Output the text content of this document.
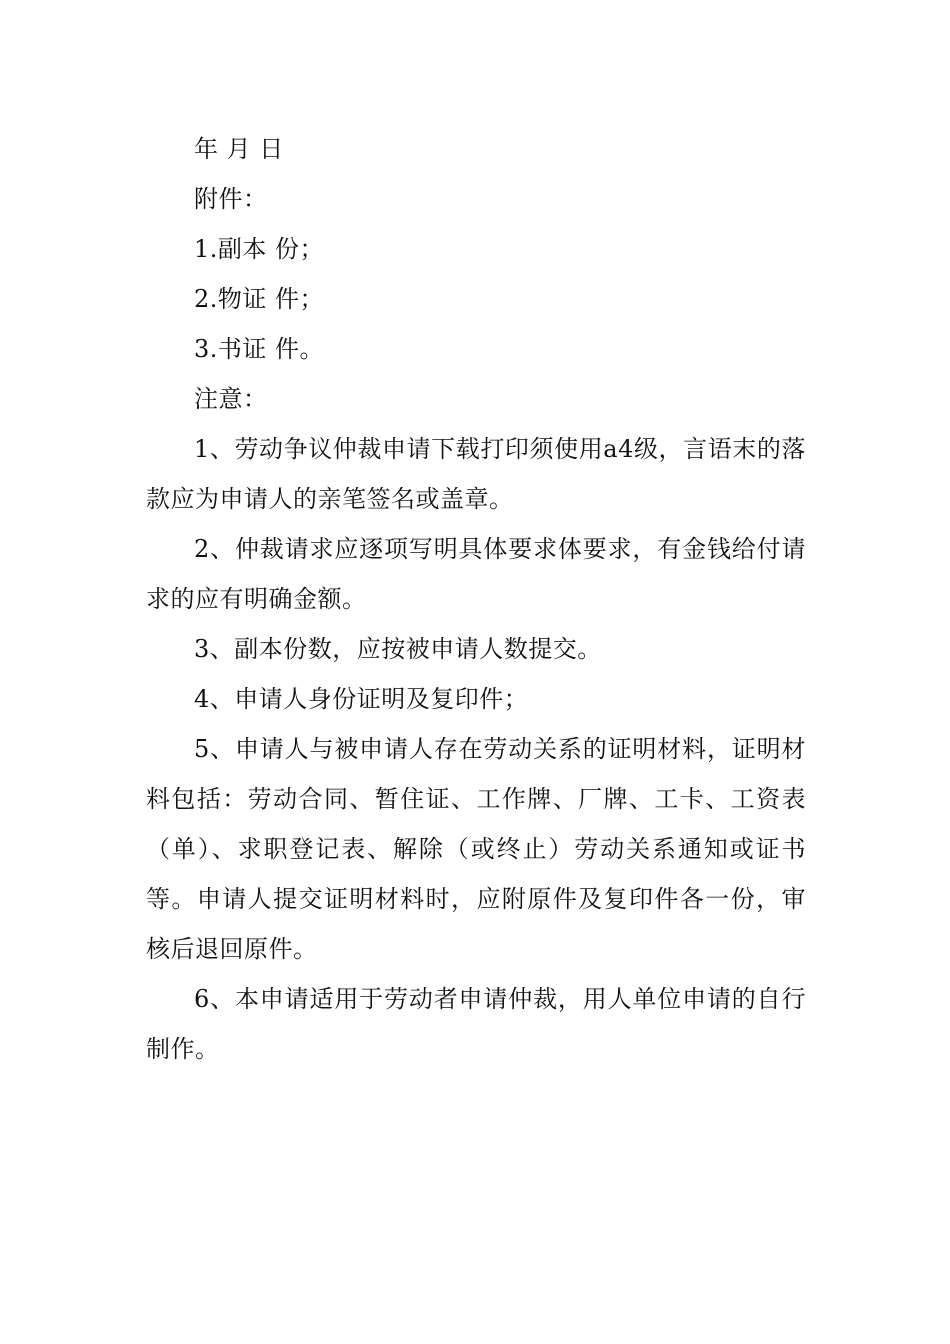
年 月 日

附件：

1.副本 份；

2.物证 件；

3.书证 件。

注意：

1、劳动争议仲裁申请下载打印须使用a4级，言语末的落款应为申请人的亲笔签名或盖章。

2、仲裁请求应逐项写明具体要求体要求，有金钱给付请求的应有明确金额。

3、副本份数，应按被申请人数提交。

4、申请人身份证明及复印件；

5、申请人与被申请人存在劳动关系的证明材料，证明材料包括：劳动合同、暂住证、工作牌、厂牌、工卡、工资表（单）、求职登记表、解除（或终止）劳动关系通知或证书等。申请人提交证明材料时，应附原件及复印件各一份，审核后退回原件。

6、本申请适用于劳动者申请仲裁，用人单位申请的自行制作。
